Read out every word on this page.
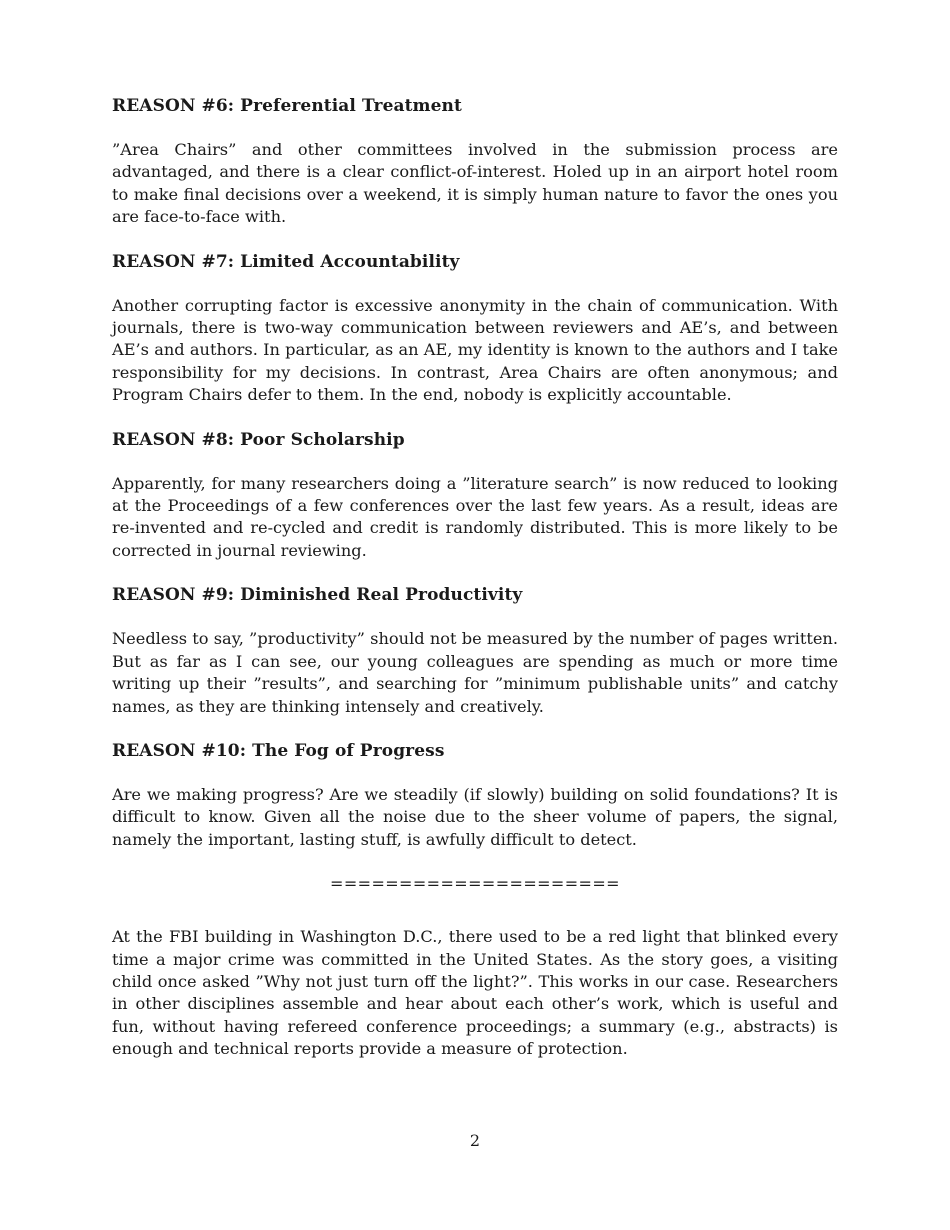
REASON #6: Preferential Treatment

”Area Chairs” and other committees involved in the submission process are advantaged, and there is a clear conflict-of-interest. Holed up in an airport hotel room to make final decisions over a weekend, it is simply human nature to favor the ones you are face-to-face with.

REASON #7: Limited Accountability

Another corrupting factor is excessive anonymity in the chain of communication. With journals, there is two-way communication between reviewers and AE’s, and between AE’s and authors. In particular, as an AE, my identity is known to the authors and I take responsibility for my decisions. In contrast, Area Chairs are often anonymous; and Program Chairs defer to them. In the end, nobody is explicitly accountable.

REASON #8: Poor Scholarship

Apparently, for many researchers doing a ”literature search” is now reduced to looking at the Proceedings of a few conferences over the last few years. As a result, ideas are re-invented and re-cycled and credit is randomly distributed. This is more likely to be corrected in journal reviewing.

REASON #9: Diminished Real Productivity

Needless to say, ”productivity” should not be measured by the number of pages written. But as far as I can see, our young colleagues are spending as much or more time writing up their ”results”, and searching for ”minimum publishable units” and catchy names, as they are thinking intensely and creatively.

REASON #10: The Fog of Progress

Are we making progress? Are we steadily (if slowly) building on solid foundations? It is difficult to know. Given all the noise due to the sheer volume of papers, the signal, namely the important, lasting stuff, is awfully difficult to detect.

=====================

At the FBI building in Washington D.C., there used to be a red light that blinked every time a major crime was committed in the United States. As the story goes, a visiting child once asked ”Why not just turn off the light?”. This works in our case. Researchers in other disciplines assemble and hear about each other’s work, which is useful and fun, without having refereed conference proceedings; a summary (e.g., abstracts) is enough and technical reports provide a measure of protection.

2
